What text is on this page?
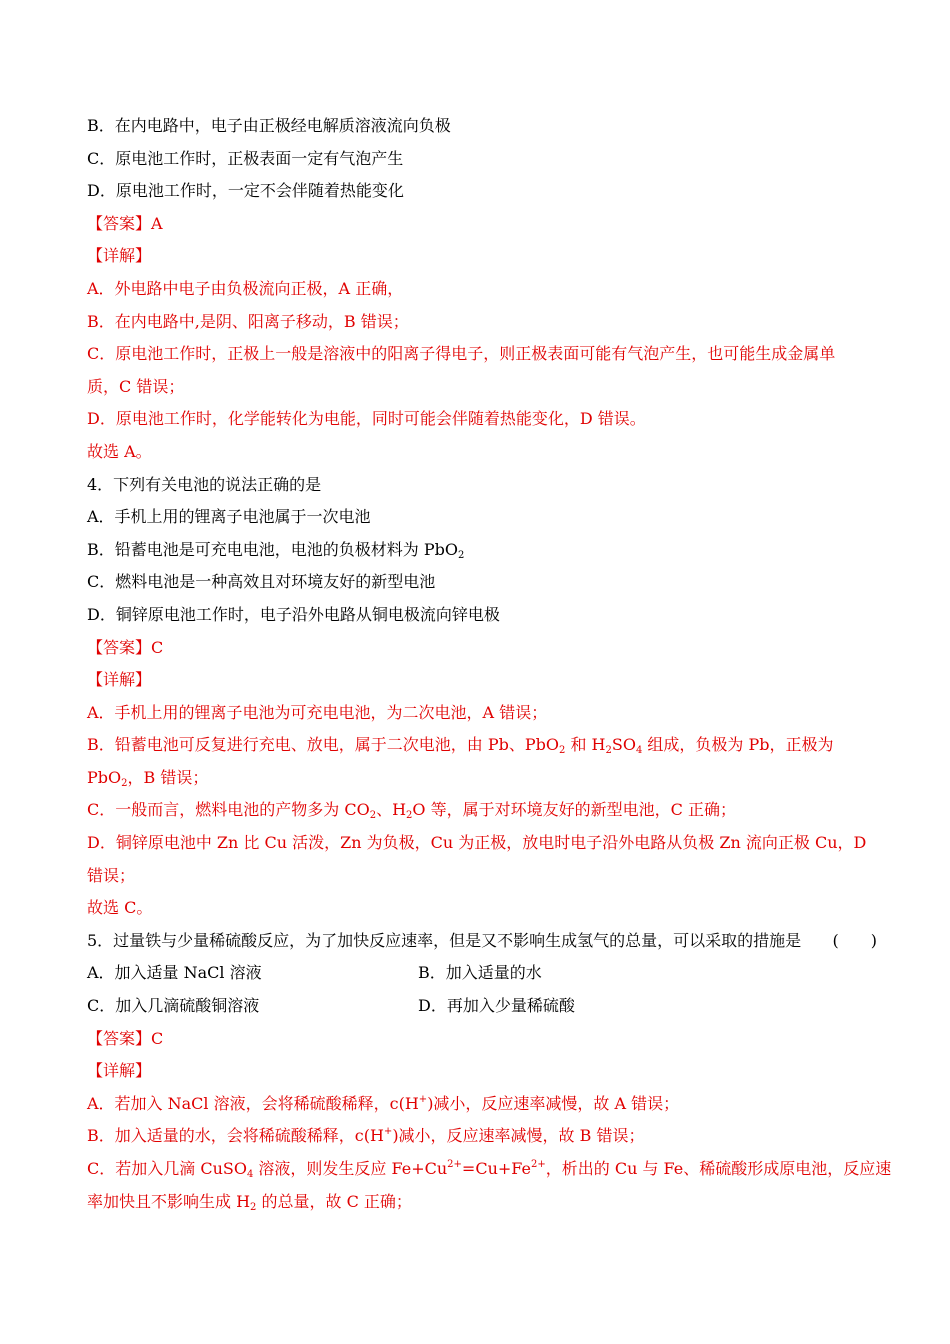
B．在内电路中，电子由正极经电解质溶液流向负极
C．原电池工作时，正极表面一定有气泡产生
D．原电池工作时，一定不会伴随着热能变化
【答案】A
【详解】
A．外电路中电子由负极流向正极，A 正确，
B．在内电路中,是阴、阳离子移动，B 错误；
C．原电池工作时，正极上一般是溶液中的阳离子得电子，则正极表面可能有气泡产生，也可能生成金属单
质，C 错误；
D．原电池工作时，化学能转化为电能，同时可能会伴随着热能变化，D 错误。
故选 A。
4．下列有关电池的说法正确的是
A．手机上用的锂离子电池属于一次电池
B．铅蓄电池是可充电电池，电池的负极材料为 PbO$_2$
C．燃料电池是一种高效且对环境友好的新型电池
D．铜锌原电池工作时，电子沿外电路从铜电极流向锌电极
【答案】C
【详解】
A．手机上用的锂离子电池为可充电电池，为二次电池，A 错误；
B．铅蓄电池可反复进行充电、放电，属于二次电池，由 Pb、PbO$_2$ 和 $H_2SO_4$ 组成，负极为 Pb，正极为
PbO$_2$，B 错误；
C．一般而言，燃料电池的产物多为 $CO_2$、$H_2O$ 等，属于对环境友好的新型电池，C 正确；
D．铜锌原电池中 Zn 比 Cu 活泼，Zn 为负极，Cu 为正极，放电时电子沿外电路从负极 Zn 流向正极 Cu，D
错误；
故选 C。
5．过量铁与少量稀硫酸反应，为了加快反应速率，但是又不影响生成氢气的总量，可以采取的措施是 (　　)
A．加入适量 NaCl 溶液	B．加入适量的水
C．加入几滴硫酸铜溶液	D．再加入少量稀硫酸
【答案】C
【详解】
A．若加入 NaCl 溶液，会将稀硫酸稀释，c(H+)减小，反应速率减慢，故 A 错误；
B．加入适量的水，会将稀硫酸稀释，c(H+)减小，反应速率减慢，故 B 错误；
C．若加入几滴 CuSO$_4$ 溶液，则发生反应 $Fe+Cu^{2+}=Cu+Fe^{2+}$，析出的 Cu 与 Fe、稀硫酸形成原电池，反应速
率加快且不影响生成 $H_2$ 的总量，故 C 正确；
